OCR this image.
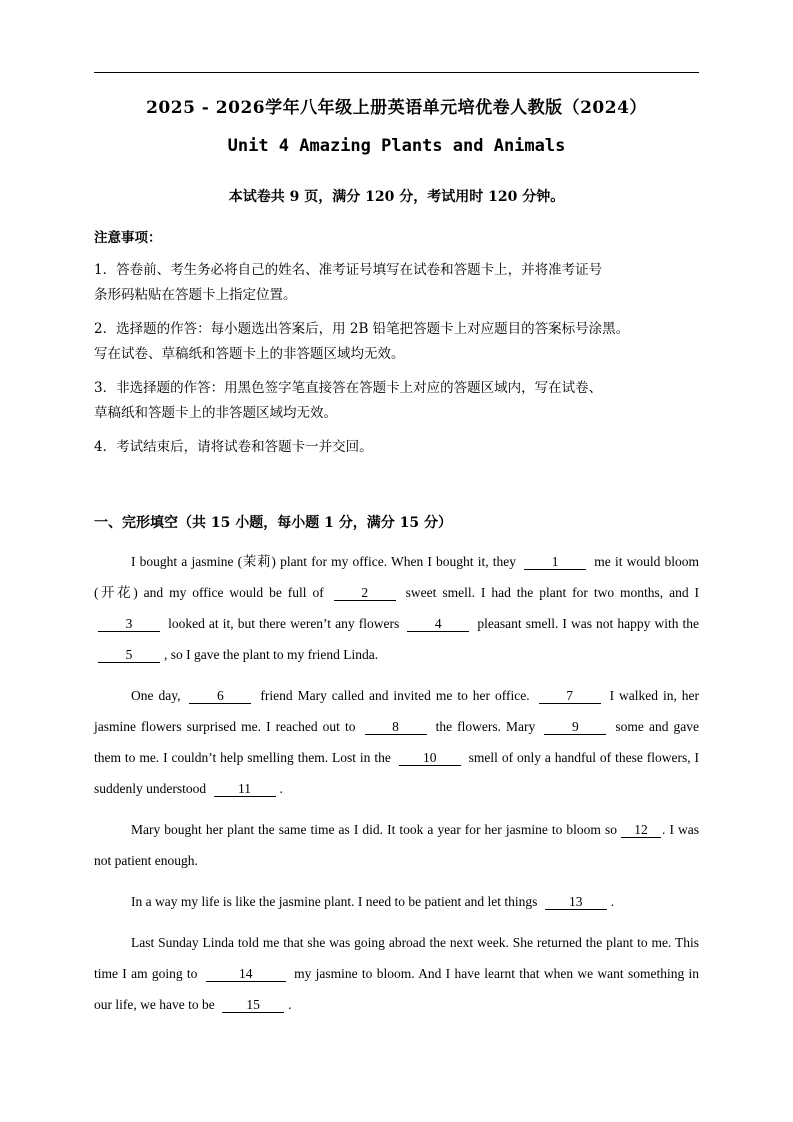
2025 - 2026学年八年级上册英语单元培优卷人教版（2024）
Unit 4 Amazing Plants and Animals
本试卷共 9 页，满分 120 分，考试用时 120 分钟。
注意事项：
1．答卷前、考生务必将自己的姓名、准考证号填写在试卷和答题卡上，并将准考证号
条形码粘贴在答题卡上指定位置。
2．选择题的作答：每小题选出答案后，用 2B 铅笔把答题卡上对应题目的答案标号涂黑。
写在试卷、草稿纸和答题卡上的非答题区域均无效。
3．非选择题的作答：用黑色签字笔直接答在答题卡上对应的答题区域内，写在试卷、
草稿纸和答题卡上的非答题区域均无效。
4．考试结束后，请将试卷和答题卡一并交回。
一、完形填空（共 15 小题，每小题 1 分，满分 15 分）

I bought a jasmine (茉莉) plant for my office. When I bought it, they	1	me it would bloom (开花) and my office would be full of	2	sweet smell. I had the plant for two months, and I 3	looked at it, but there weren’t any flowers	4	pleasant smell. I was not happy with the 5 , so I gave the plant to my friend Linda.

One day,	6	friend Mary called and invited me to her office.	7	I walked in, her jasmine flowers surprised me. I reached out to	8	the flowers. Mary	9	some and gave them to me. I couldn’t help smelling them. Lost in the 10 smell of only a handful of these flowers, I suddenly understood 11 .

Mary bought her plant the same time as I did. It took a year for her jasmine to bloom so 12 . I was not patient enough.

In a way my life is like the jasmine plant. I need to be patient and let things 13 .

Last Sunday Linda told me that she was going abroad the next week. She returned the plant to me. This time I am going to	14	my jasmine to bloom. And I have learnt that when we want something in our life, we have to be 15 .
